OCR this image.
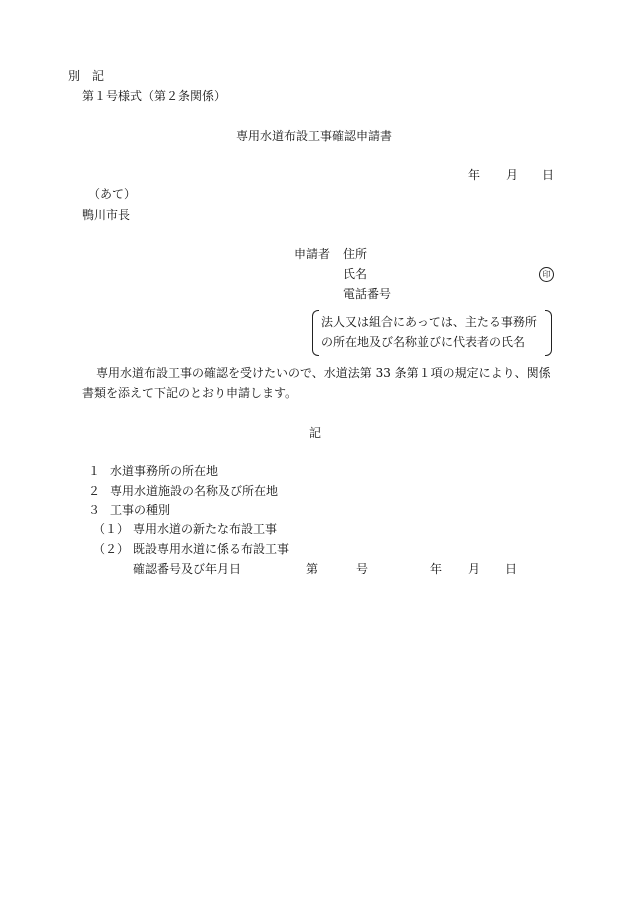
別　記
第１号様式（第２条関係）
専用水道布設工事確認申請書
年 月 日
（あて）
鴨川市長
申請者 住所
氏名	印
電話番号
法人又は組合にあっては、主たる事務所
の所在地及び名称並びに代表者の氏名
専用水道布設工事の確認を受けたいので、水道法第 33 条第１項の規定により、関係
書類を添えて下記のとおり申請します。
記
１ 水道事務所の所在地
２ 専用水道施設の名称及び所在地
３ 工事の種別
（１） 専用水道の新たな布設工事
（２） 既設専用水道に係る布設工事
確認番号及び年月日	第	号	年 月 日
